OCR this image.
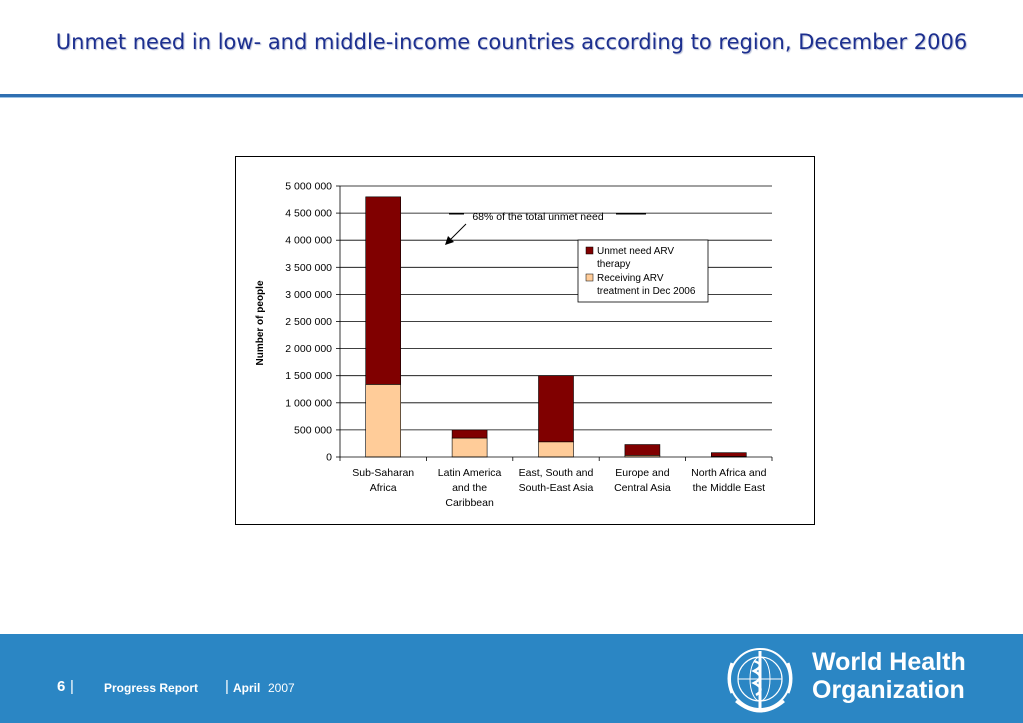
Unmet need in low- and middle-income countries according to region, December 2006
0
500 000
1 000 000
1 500 000
2 000 000
2 500 000
3 000 000
3 500 000
4 000 000
4 500 000
5 000 000
Sub-Saharan
Africa
Latin America
and the
Caribbean
East, South and
South-East Asia
Europe and
Central Asia
North Africa and
the Middle East
Number of people
68% of the total unmet need
Unmet need ARV
therapy
Receiving ARV
treatment in Dec 2006
6 |	Progress Report | April 2007
World Health
Organization
